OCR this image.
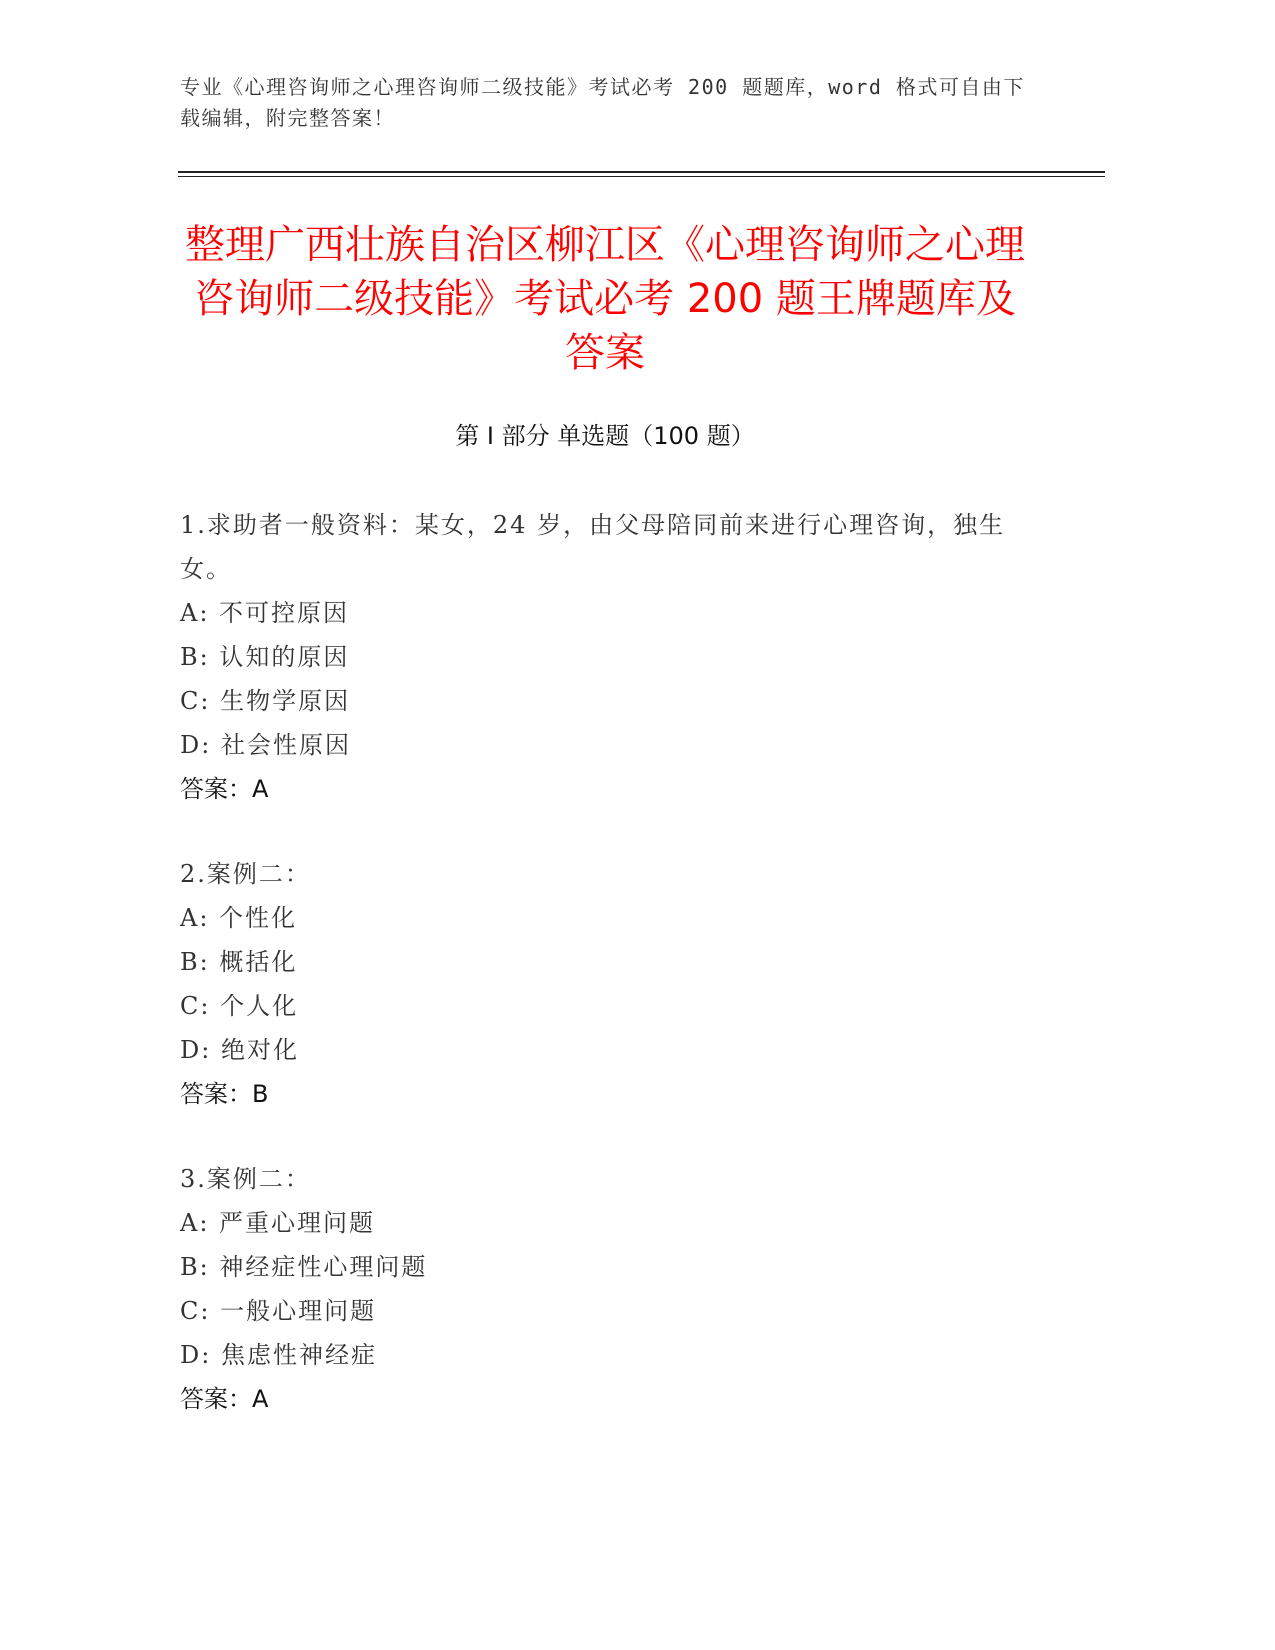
专业《心理咨询师之心理咨询师二级技能》考试必考 200 题题库，word 格式可自由下载编辑，附完整答案！
整理广西壮族自治区柳江区《心理咨询师之心理咨询师二级技能》考试必考 200 题王牌题库及答案
第 I 部分 单选题（100 题）
1.求助者一般资料：某女，24 岁，由父母陪同前来进行心理咨询，独生女。
A: 不可控原因
B: 认知的原因
C: 生物学原因
D: 社会性原因
答案：A
2.案例二：
A: 个性化
B: 概括化
C: 个人化
D: 绝对化
答案：B
3.案例二：
A: 严重心理问题
B: 神经症性心理问题
C: 一般心理问题
D: 焦虑性神经症
答案：A
